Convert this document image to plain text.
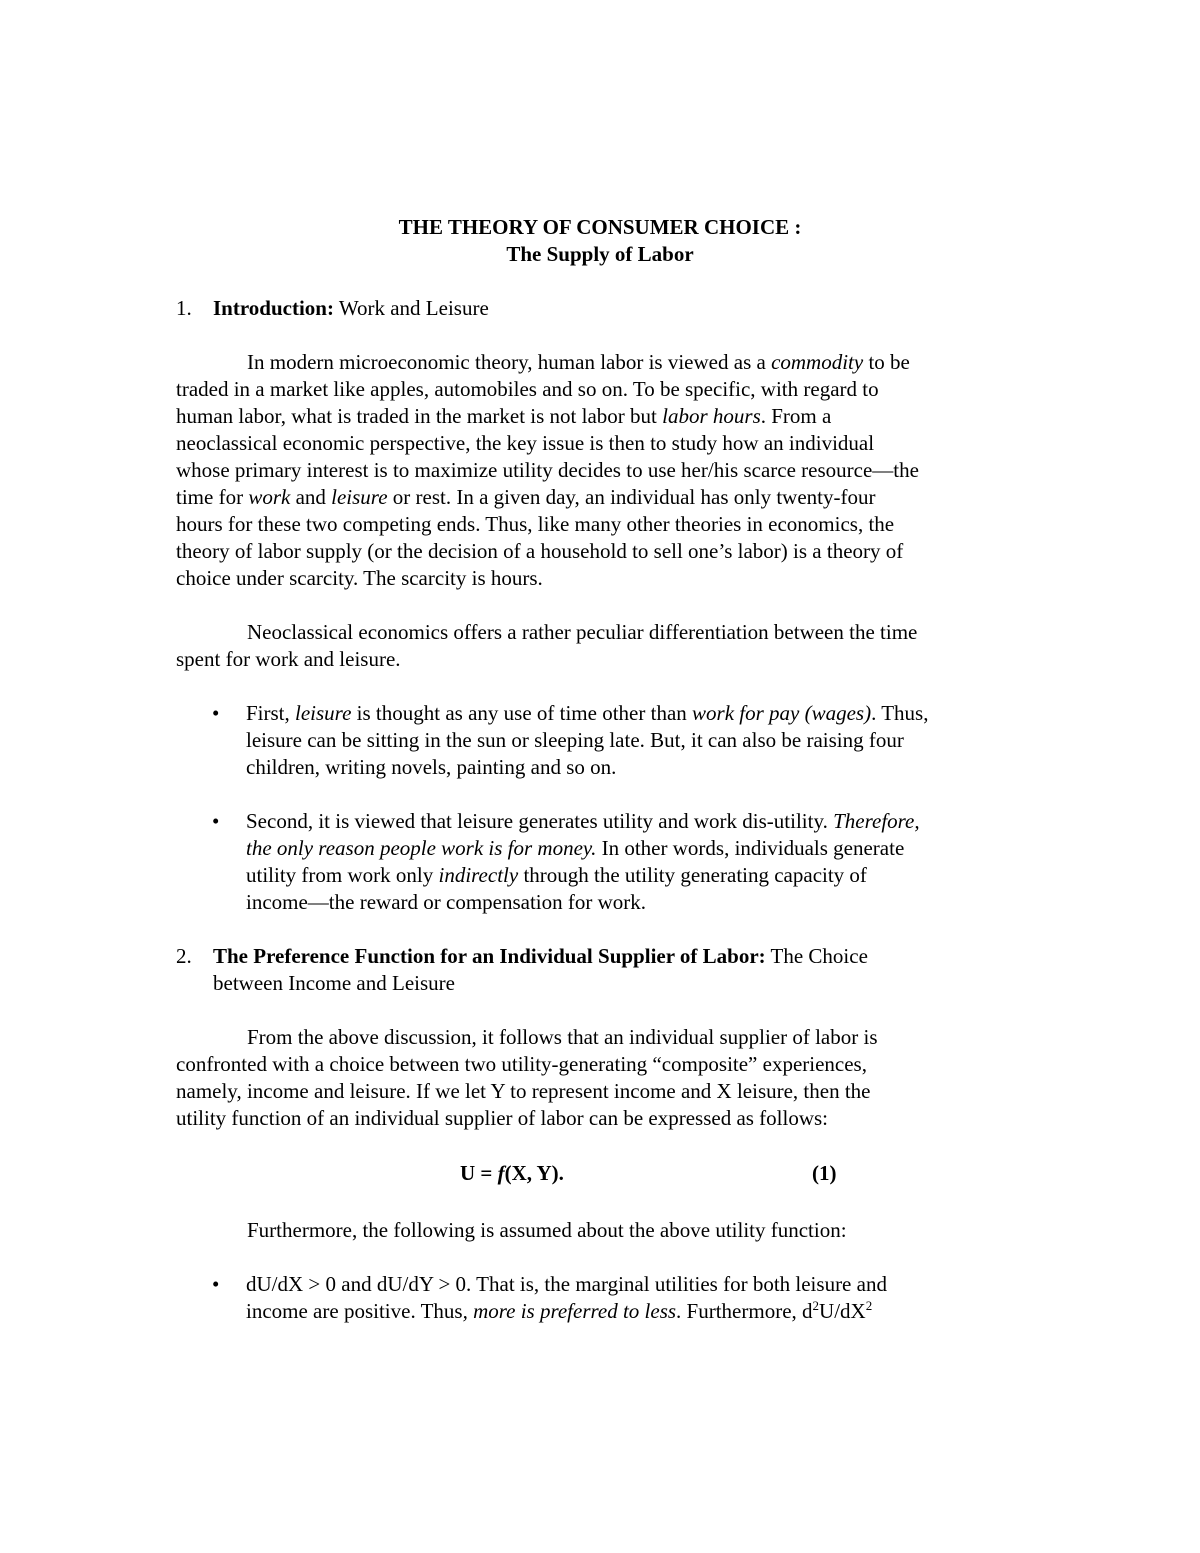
THE THEORY OF CONSUMER CHOICE :
The Supply of Labor
1. Introduction: Work and Leisure
In modern microeconomic theory, human labor is viewed as a commodity to be
traded in a market like apples, automobiles and so on. To be specific, with regard to
human labor, what is traded in the market is not labor but labor hours. From a
neoclassical economic perspective, the key issue is then to study how an individual
whose primary interest is to maximize utility decides to use her/his scarce resource—the
time for work and leisure or rest. In a given day, an individual has only twenty-four
hours for these two competing ends. Thus, like many other theories in economics, the
theory of labor supply (or the decision of a household to sell one’s labor) is a theory of
choice under scarcity. The scarcity is hours.
Neoclassical economics offers a rather peculiar differentiation between the time
spent for work and leisure.
• First, leisure is thought as any use of time other than work for pay (wages). Thus,
leisure can be sitting in the sun or sleeping late. But, it can also be raising four
children, writing novels, painting and so on.
• Second, it is viewed that leisure generates utility and work dis-utility. Therefore,
the only reason people work is for money. In other words, individuals generate
utility from work only indirectly through the utility generating capacity of
income—the reward or compensation for work.
2. The Preference Function for an Individual Supplier of Labor: The Choice
between Income and Leisure
From the above discussion, it follows that an individual supplier of labor is
confronted with a choice between two utility-generating “composite” experiences,
namely, income and leisure. If we let Y to represent income and X leisure, then the
utility function of an individual supplier of labor can be expressed as follows:
U = f(X, Y).	(1)
Furthermore, the following is assumed about the above utility function:
• dU/dX > 0 and dU/dY > 0. That is, the marginal utilities for both leisure and
income are positive. Thus, more is preferred to less. Furthermore, $d^2U/dX^2$
